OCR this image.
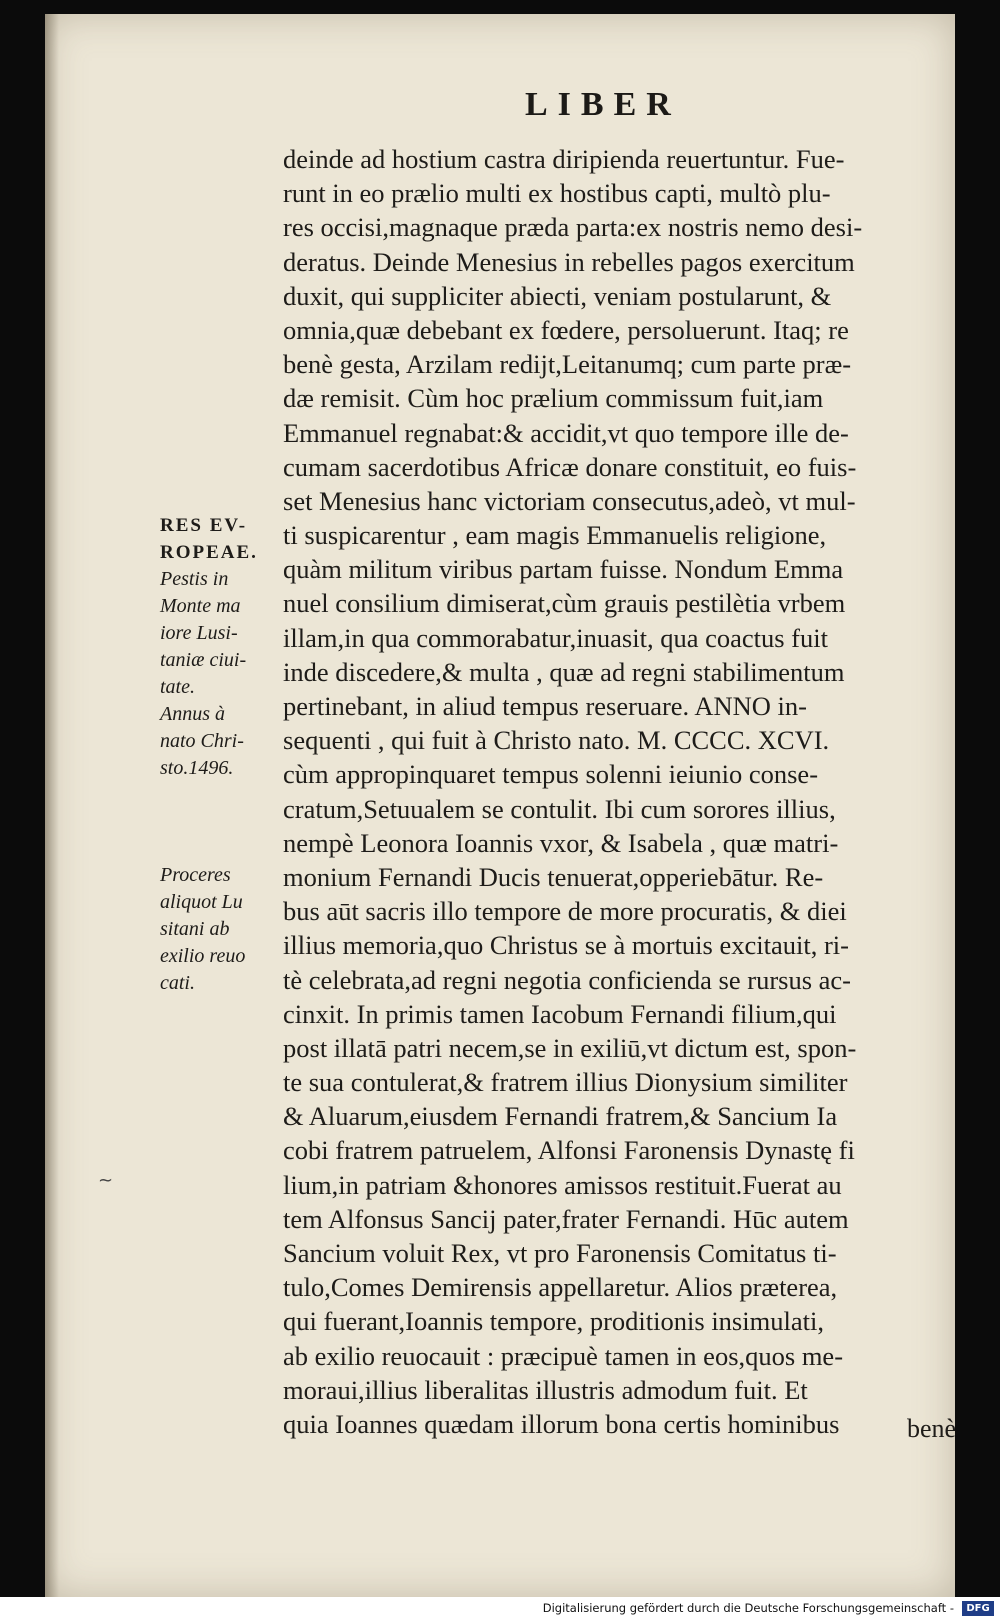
LIBER
RES EV-
ROPEAE.
Pestis in
Monte ma
iore Lusi-
taniæ ciui-
tate.
Annus à
nato Chri-
sto.1496.
Proceres
aliquot Lu
sitani ab
exilio reuo
cati.
deinde ad hostium castra diripienda reuertuntur. Fue-
runt in eo prælio multi ex hostibus capti, multò plu-
res occisi,magnaque præda parta:ex nostris nemo desi-
deratus. Deinde Menesius in rebelles pagos exercitum
duxit, qui suppliciter abiecti, veniam postularunt, &
omnia,quæ debebant ex fœdere, persoluerunt. Itaq; re
benè gesta, Arzilam redijt,Leitanumq; cum parte præ-
dæ remisit. Cùm hoc prælium commissum fuit,iam
Emmanuel regnabat:& accidit,vt quo tempore ille de-
cumam sacerdotibus Africæ donare constituit, eo fuis-
set Menesius hanc victoriam consecutus,adeò, vt mul-
ti suspicarentur , eam magis Emmanuelis religione,
quàm militum viribus partam fuisse. Nondum Emma
nuel consilium dimiserat,cùm grauis pestilètia vrbem
illam,in qua commorabatur,inuasit, qua coactus fuit
inde discedere,& multa , quæ ad regni stabilimentum
pertinebant, in aliud tempus reseruare. ANNO in-
sequenti , qui fuit à Christo nato. M. CCCC. XCVI.
cùm appropinquaret tempus solenni ieiunio conse-
cratum,Setuualem se contulit. Ibi cum sorores illius,
nempè Leonora Ioannis vxor, & Isabela , quæ matri-
monium Fernandi Ducis tenuerat,opperiebātur. Re-
bus aūt sacris illo tempore de more procuratis, & diei
illius memoria,quo Christus se à mortuis excitauit, ri-
tè celebrata,ad regni negotia conficienda se rursus ac-
cinxit. In primis tamen Iacobum Fernandi filium,qui
post illatā patri necem,se in exiliū,vt dictum est, spon-
te sua contulerat,& fratrem illius Dionysium similiter
& Aluarum,eiusdem Fernandi fratrem,& Sancium Ia
cobi fratrem patruelem, Alfonsi Faronensis Dynastę fi
lium,in patriam &honores amissos restituit.Fuerat au
tem Alfonsus Sancij pater,frater Fernandi. Hūc autem
Sancium voluit Rex, vt pro Faronensis Comitatus ti-
tulo,Comes Demirensis appellaretur. Alios præterea,
qui fuerant,Ioannis tempore, proditionis insimulati,
ab exilio reuocauit : præcipuè tamen in eos,quos me-
moraui,illius liberalitas illustris admodum fuit. Et
quia Ioannes quædam illorum bona certis hominibus	benè
~
Digitalisierung gefördert durch die Deutsche Forschungsgemeinschaft -	DFG
